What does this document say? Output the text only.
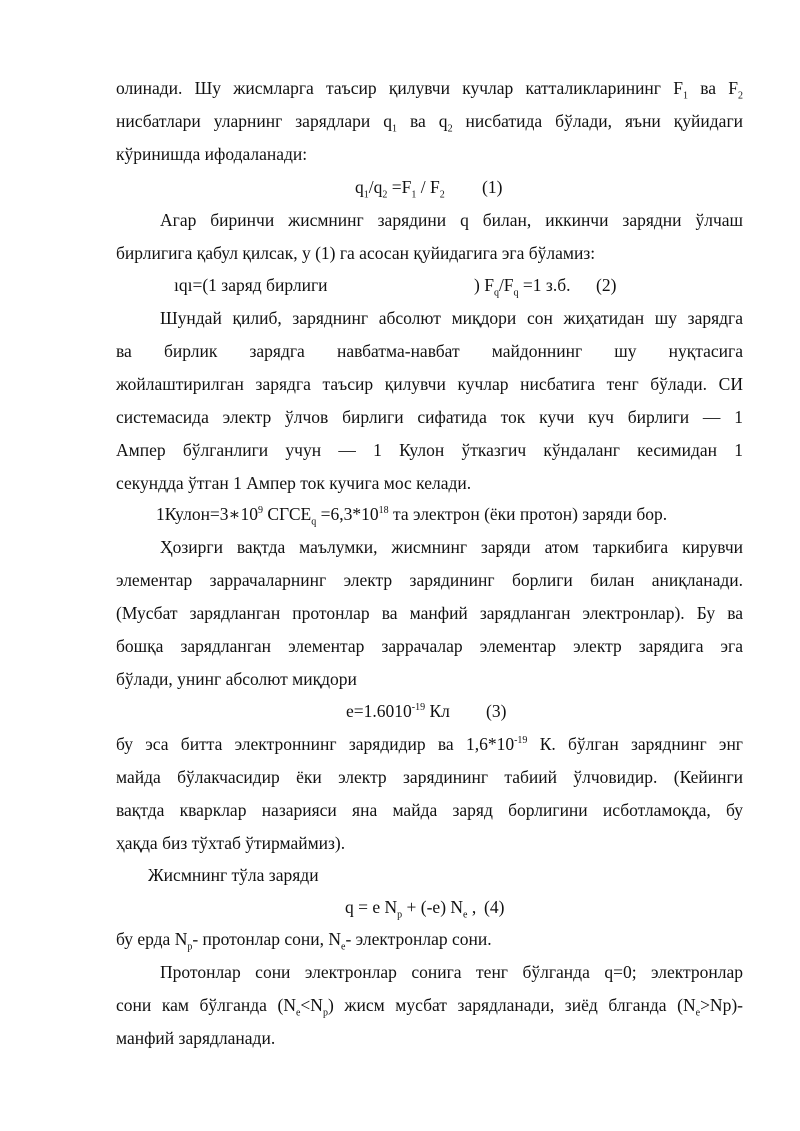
олинади. Шу жисмларга таъсир қилувчи кучлар катталикларининг $F_1$ ва $F_2$
нисбатлари уларнинг зарядлари $q_1$ ва $q_2$ нисбатида бўлади, яъни қуйидаги
кўринишда ифодаланади:
$q_1/q_2 =F_1 / F_2$ (1)
Агар биринчи жисмнинг зарядини q билан, иккинчи зарядни ўлчаш
бирлигига қабул қилсак, у (1) га асосан қуйидагигa эга бўламиз:
ıqı=(1 заряд бирлиги	) $F_q/F_q =1$ з.б. (2)
Шундай қилиб, заряднинг абсолют миқдори сон жиҳатидан шу зарядга
ва бирлик зарядга навбатма-навбат майдоннинг шу нуқтасига
жойлаштирилган зарядга таъсир қилувчи кучлар нисбатига тенг бўлади. СИ
системасида электр ўлчов бирлиги сифатида ток кучи куч бирлиги — 1
Ампер бўлганлиги учун — 1 Кулон ўтказгич кўндаланг кесимидан 1
секундда ўтган 1 Ампер ток кучига мос келади.
$1Кулон=3∗10^9$ $СГСЕ_q =6,3*10^{18}$ та электрон (ёки протон) заряди бор.
Ҳозирги вақтда маълумки, жисмнинг заряди атом таркибига кирувчи
элементар заррачаларнинг электр зарядининг борлиги билан аниқланади.
(Мусбат зарядланган протонлар ва манфий зарядланган электронлар). Бу ва
бошқа зарядланган элементар заррачалар элементар электр зарядига эга
бўлади, унинг абсолют миқдори
$e=1.6010^{-19}$ Кл (3)
бу эса битта электроннинг зарядидир ва $1,6*10^{-19}$ К. бўлган заряднинг энг
майда бўлакчасидир ёки электр зарядининг табиий ўлчовидир. (Кейинги
вақтда кварклар назарияси яна майда заряд борлигини исботламоқда, бу
ҳақда биз тўхтаб ўтирмаймиз).
Жисмнинг тўла заряди
q = e $N_p + (-e)$ $N_e$ , (4)
бу ерда $N_p-$ протонлар сони, $N_e-$ электронлар сони.
Протонлар сони электронлар сонига тенг бўлганда q=0; электронлар
сони кам бўлганда $(N_e<N_p)$ жисм мусбат зарядланади, зиёд блганда $(N_e>Np)-$
манфий зарядланади.
